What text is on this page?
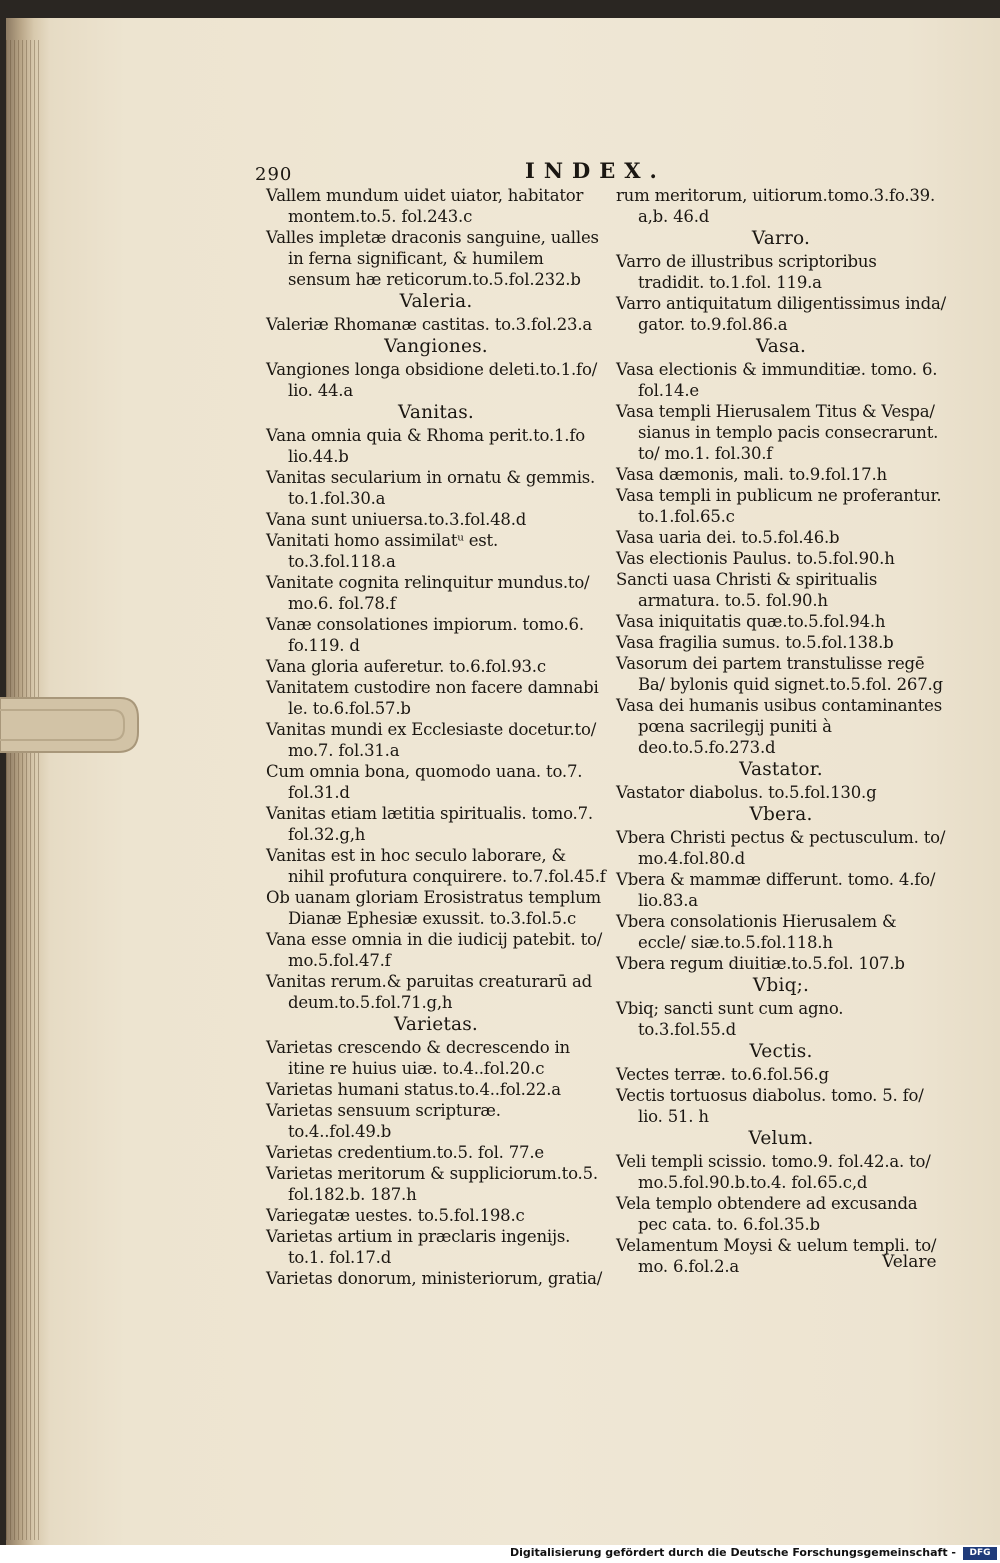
290	INDEX.

Vallem mundum uidet uiator, habitator montem.to.5. fol.243.c

Valles impletæ draconis sanguine, ualles in ferna significant, & humilem sensum hæ reticorum.to.5.fol.232.b

Valeria.

Valeriæ Rhomanæ castitas. to.3.fol.23.a

Vangiones.

Vangiones longa obsidione deleti.to.1.fo/ lio. 44.a

Vanitas.

Vana omnia quia & Rhoma perit.to.1.fo lio.44.b

Vanitas secularium in ornatu & gemmis. to.1.fol.30.a

Vana sunt uniuersa.to.3.fol.48.d

Vanitati homo assimilatᵘ est. to.3.fol.118.a

Vanitate cognita relinquitur mundus.to/ mo.6. fol.78.f

Vanæ consolationes impiorum. tomo.6. fo.119. d

Vana gloria auferetur. to.6.fol.93.c

Vanitatem custodire non facere damnabi le. to.6.fol.57.b

Vanitas mundi ex Ecclesiaste docetur.to/ mo.7. fol.31.a

Cum omnia bona, quomodo uana. to.7. fol.31.d

Vanitas etiam lætitia spiritualis. tomo.7. fol.32.g,h

Vanitas est in hoc seculo laborare, & nihil profutura conquirere. to.7.fol.45.f

Ob uanam gloriam Erosistratus templum Dianæ Ephesiæ exussit. to.3.fol.5.c

Vana esse omnia in die iudicij patebit. to/ mo.5.fol.47.f

Vanitas rerum.& paruitas creaturarū ad deum.to.5.fol.71.g,h

Varietas.

Varietas crescendo & decrescendo in itine re huius uiæ. to.4..fol.20.c

Varietas humani status.to.4..fol.22.a

Varietas sensuum scripturæ. to.4..fol.49.b

Varietas credentium.to.5. fol. 77.e

Varietas meritorum & suppliciorum.to.5. fol.182.b. 187.h

Variegatæ uestes. to.5.fol.198.c

Varietas artium in præclaris ingenijs. to.1. fol.17.d

Varietas donorum, ministeriorum, gratia/

rum meritorum, uitiorum.tomo.3.fo.39. a,b. 46.d

Varro.

Varro de illustribus scriptoribus tradidit. to.1.fol. 119.a

Varro antiquitatum diligentissimus inda/ gator. to.9.fol.86.a

Vasa.

Vasa electionis & immunditiæ. tomo. 6. fol.14.e

Vasa templi Hierusalem Titus & Vespa/ sianus in templo pacis consecrarunt. to/ mo.1. fol.30.f

Vasa dæmonis, mali. to.9.fol.17.h

Vasa templi in publicum ne proferantur. to.1.fol.65.c

Vasa uaria dei. to.5.fol.46.b

Vas electionis Paulus. to.5.fol.90.h

Sancti uasa Christi & spiritualis armatura. to.5. fol.90.h

Vasa iniquitatis quæ.to.5.fol.94.h

Vasa fragilia sumus. to.5.fol.138.b

Vasorum dei partem transtulisse regē Ba/ bylonis quid signet.to.5.fol. 267.g

Vasa dei humanis usibus contaminantes pœna sacrilegij puniti à deo.to.5.fo.273.d

Vastator.

Vastator diabolus. to.5.fol.130.g

Vbera.

Vbera Christi pectus & pectusculum. to/ mo.4.fol.80.d

Vbera & mammæ differunt. tomo. 4.fo/ lio.83.a

Vbera consolationis Hierusalem & eccle/ siæ.to.5.fol.118.h

Vbera regum diuitiæ.to.5.fol. 107.b

Vbiq;.

Vbiq; sancti sunt cum agno. to.3.fol.55.d

Vectis.

Vectes terræ. to.6.fol.56.g

Vectis tortuosus diabolus. tomo. 5. fo/ lio. 51. h

Velum.

Veli templi scissio. tomo.9. fol.42.a. to/ mo.5.fol.90.b.to.4. fol.65.c,d

Vela templo obtendere ad excusanda pec cata. to. 6.fol.35.b

Velamentum Moysi & uelum templi. to/ mo. 6.fol.2.a	Velare
Digitalisierung gefördert durch die Deutsche Forschungsgemeinschaft -	DFG
